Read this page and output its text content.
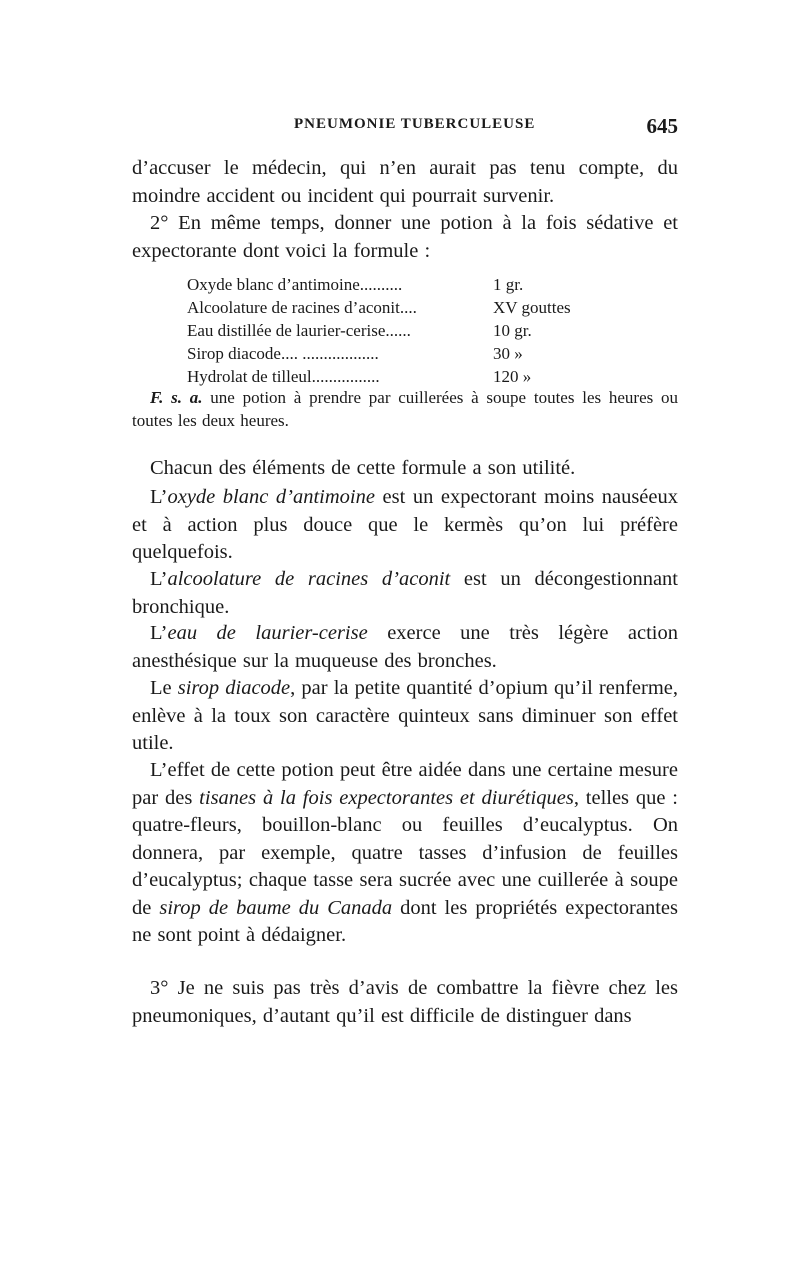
PNEUMONIE TUBERCULEUSE	645

d’accuser le médecin, qui n’en aurait pas tenu compte, du moindre accident ou incident qui pourrait survenir.

2° En même temps, donner une potion à la fois sédative et expectorante dont voici la formule :

Oxyde blanc d’antimoine..........	1 gr.
Alcoolature de racines d’aconit....	XV gouttes
Eau distillée de laurier-cerise......	10 gr.
Sirop diacode.... ..................	30 »
Hydrolat de tilleul................	120 »

F. s. a. une potion à prendre par cuillerées à soupe toutes les heures ou toutes les deux heures.

Chacun des éléments de cette formule a son utilité.

L’oxyde blanc d’antimoine est un expectorant moins nauséeux et à action plus douce que le kermès qu’on lui préfère quelquefois.

L’alcoolature de racines d’aconit est un décongestionnant bronchique.

L’eau de laurier-cerise exerce une très légère action anesthésique sur la muqueuse des bronches.

Le sirop diacode, par la petite quantité d’opium qu’il renferme, enlève à la toux son caractère quinteux sans diminuer son effet utile.

L’effet de cette potion peut être aidée dans une certaine mesure par des tisanes à la fois expectorantes et diurétiques, telles que : quatre-fleurs, bouillon-blanc ou feuilles d’eucalyptus. On donnera, par exemple, quatre tasses d’infusion de feuilles d’eucalyptus; chaque tasse sera sucrée avec une cuillerée à soupe de sirop de baume du Canada dont les propriétés expectorantes ne sont point à dédaigner.

3° Je ne suis pas très d’avis de combattre la fièvre chez les pneumoniques, d’autant qu’il est difficile de distinguer dans
